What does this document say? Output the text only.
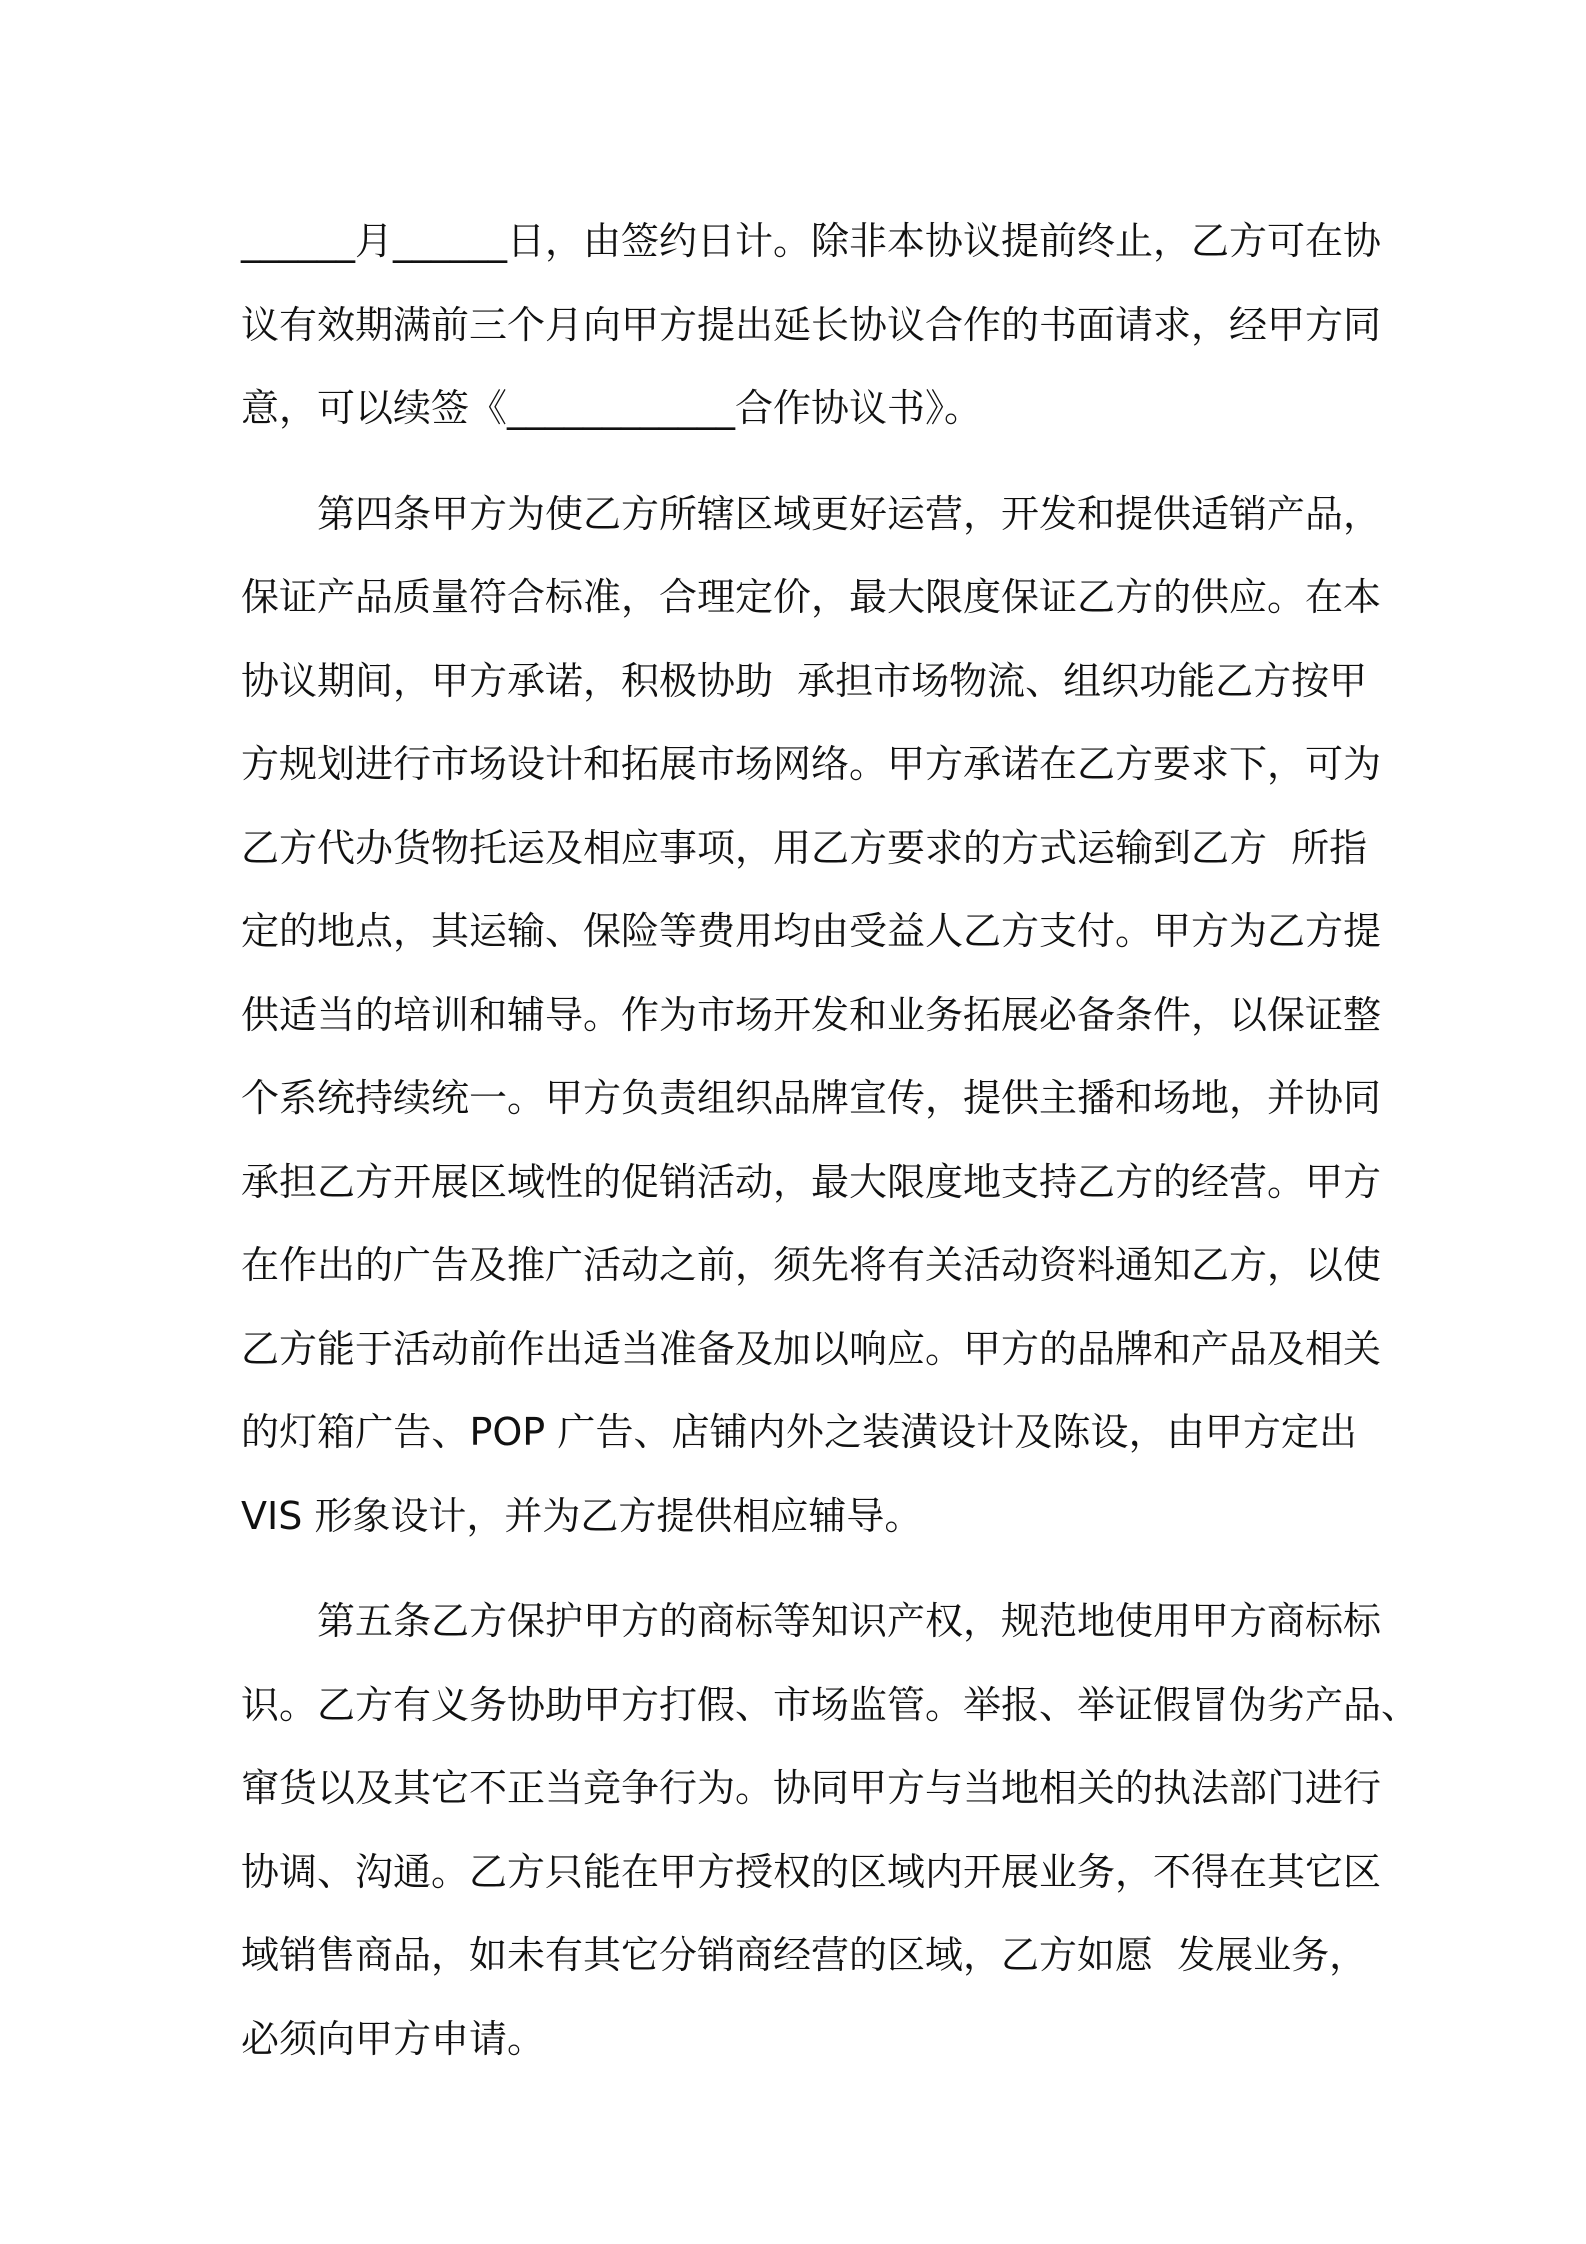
______月______日，由签约日计。除非本协议提前终止，乙方可在协
议有效期满前三个月向甲方提出延长协议合作的书面请求，经甲方同
意，可以续签《____________合作协议书》。
第四条甲方为使乙方所辖区域更好运营，开发和提供适销产品，
保证产品质量符合标准，合理定价，最大限度保证乙方的供应。在本
协议期间，甲方承诺，积极协助  承担市场物流、组织功能乙方按甲
方规划进行市场设计和拓展市场网络。甲方承诺在乙方要求下，可为
乙方代办货物托运及相应事项，用乙方要求的方式运输到乙方  所指
定的地点，其运输、保险等费用均由受益人乙方支付。甲方为乙方提
供适当的培训和辅导。作为市场开发和业务拓展必备条件，以保证整
个系统持续统一。甲方负责组织品牌宣传，提供主播和场地，并协同
承担乙方开展区域性的促销活动，最大限度地支持乙方的经营。甲方
在作出的广告及推广活动之前，须先将有关活动资料通知乙方，以使
乙方能于活动前作出适当准备及加以响应。甲方的品牌和产品及相关
的灯箱广告、POP 广告、店铺内外之装潢设计及陈设，由甲方定出
VIS 形象设计，并为乙方提供相应辅导。
第五条乙方保护甲方的商标等知识产权，规范地使用甲方商标标
识。乙方有义务协助甲方打假、市场监管。举报、举证假冒伪劣产品、
窜货以及其它不正当竞争行为。协同甲方与当地相关的执法部门进行
协调、沟通。乙方只能在甲方授权的区域内开展业务，不得在其它区
域销售商品，如未有其它分销商经营的区域，乙方如愿  发展业务，
必须向甲方申请。
